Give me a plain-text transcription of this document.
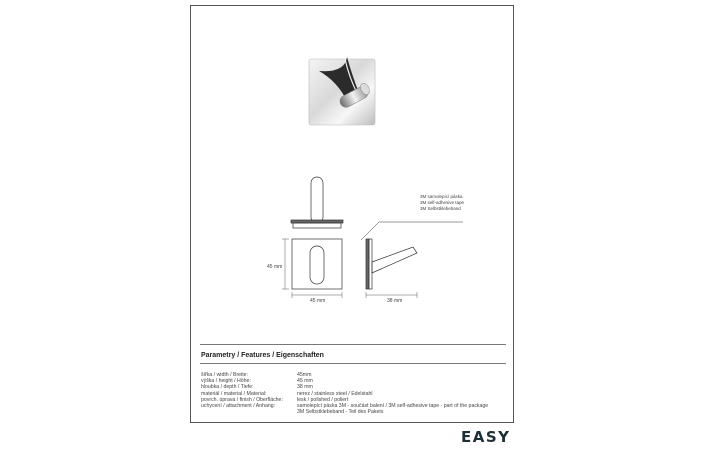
45 mm
45 mm	38 mm
3M samolepící páska
3M self-adhesive tape
3M Selbstklebeband
Parametry / Features / Eigenschaften
šířka / width / Breite:	45mm
výška / height / Höhe:	45 mm
hloubka / depth / Tiefe:	38 mm
materiál / material / Material:	nerez / stainless steel / Edelstahl
povrch. úprava / finish / Oberfläche:	lesk / polished / poliert
uchycení / attachment / Anhang:	samolepící páska 3M - součást balení / 3M self-adhesive tape - part of the package
3M Selbstklebeband - Teil des Pakets
EASY
